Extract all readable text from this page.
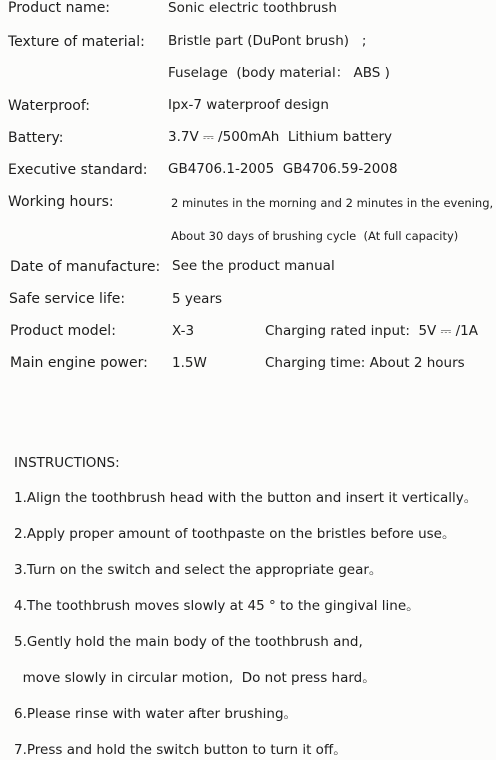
Product name:	Sonic electric toothbrush
Texture of material: Bristle part (DuPont brush)   ;
Fuselage  (body material： ABS )
Waterproof:	Ipx-7 waterproof design
Battery:	3.7V ⎓ /500mAh  Lithium battery
Executive standard: GB4706.1-2005  GB4706.59-2008
Working hours:	2 minutes in the morning and 2 minutes in the evening,
About 30 days of brushing cycle  (At full capacity)
Date of manufacture: See the product manual
Safe service life:	5 years
Product model:	X-3	Charging rated input:  5V ⎓ /1A
Main engine power: 1.5W	Charging time: About 2 hours
INSTRUCTIONS:
1.Align the toothbrush head with the button and insert it vertically。
2.Apply proper amount of toothpaste on the bristles before use。
3.Turn on the switch and select the appropriate gear。
4.The toothbrush moves slowly at 45 ° to the gingival line。
5.Gently hold the main body of the toothbrush and,
move slowly in circular motion,  Do not press hard。
6.Please rinse with water after brushing。
7.Press and hold the switch button to turn it off。
